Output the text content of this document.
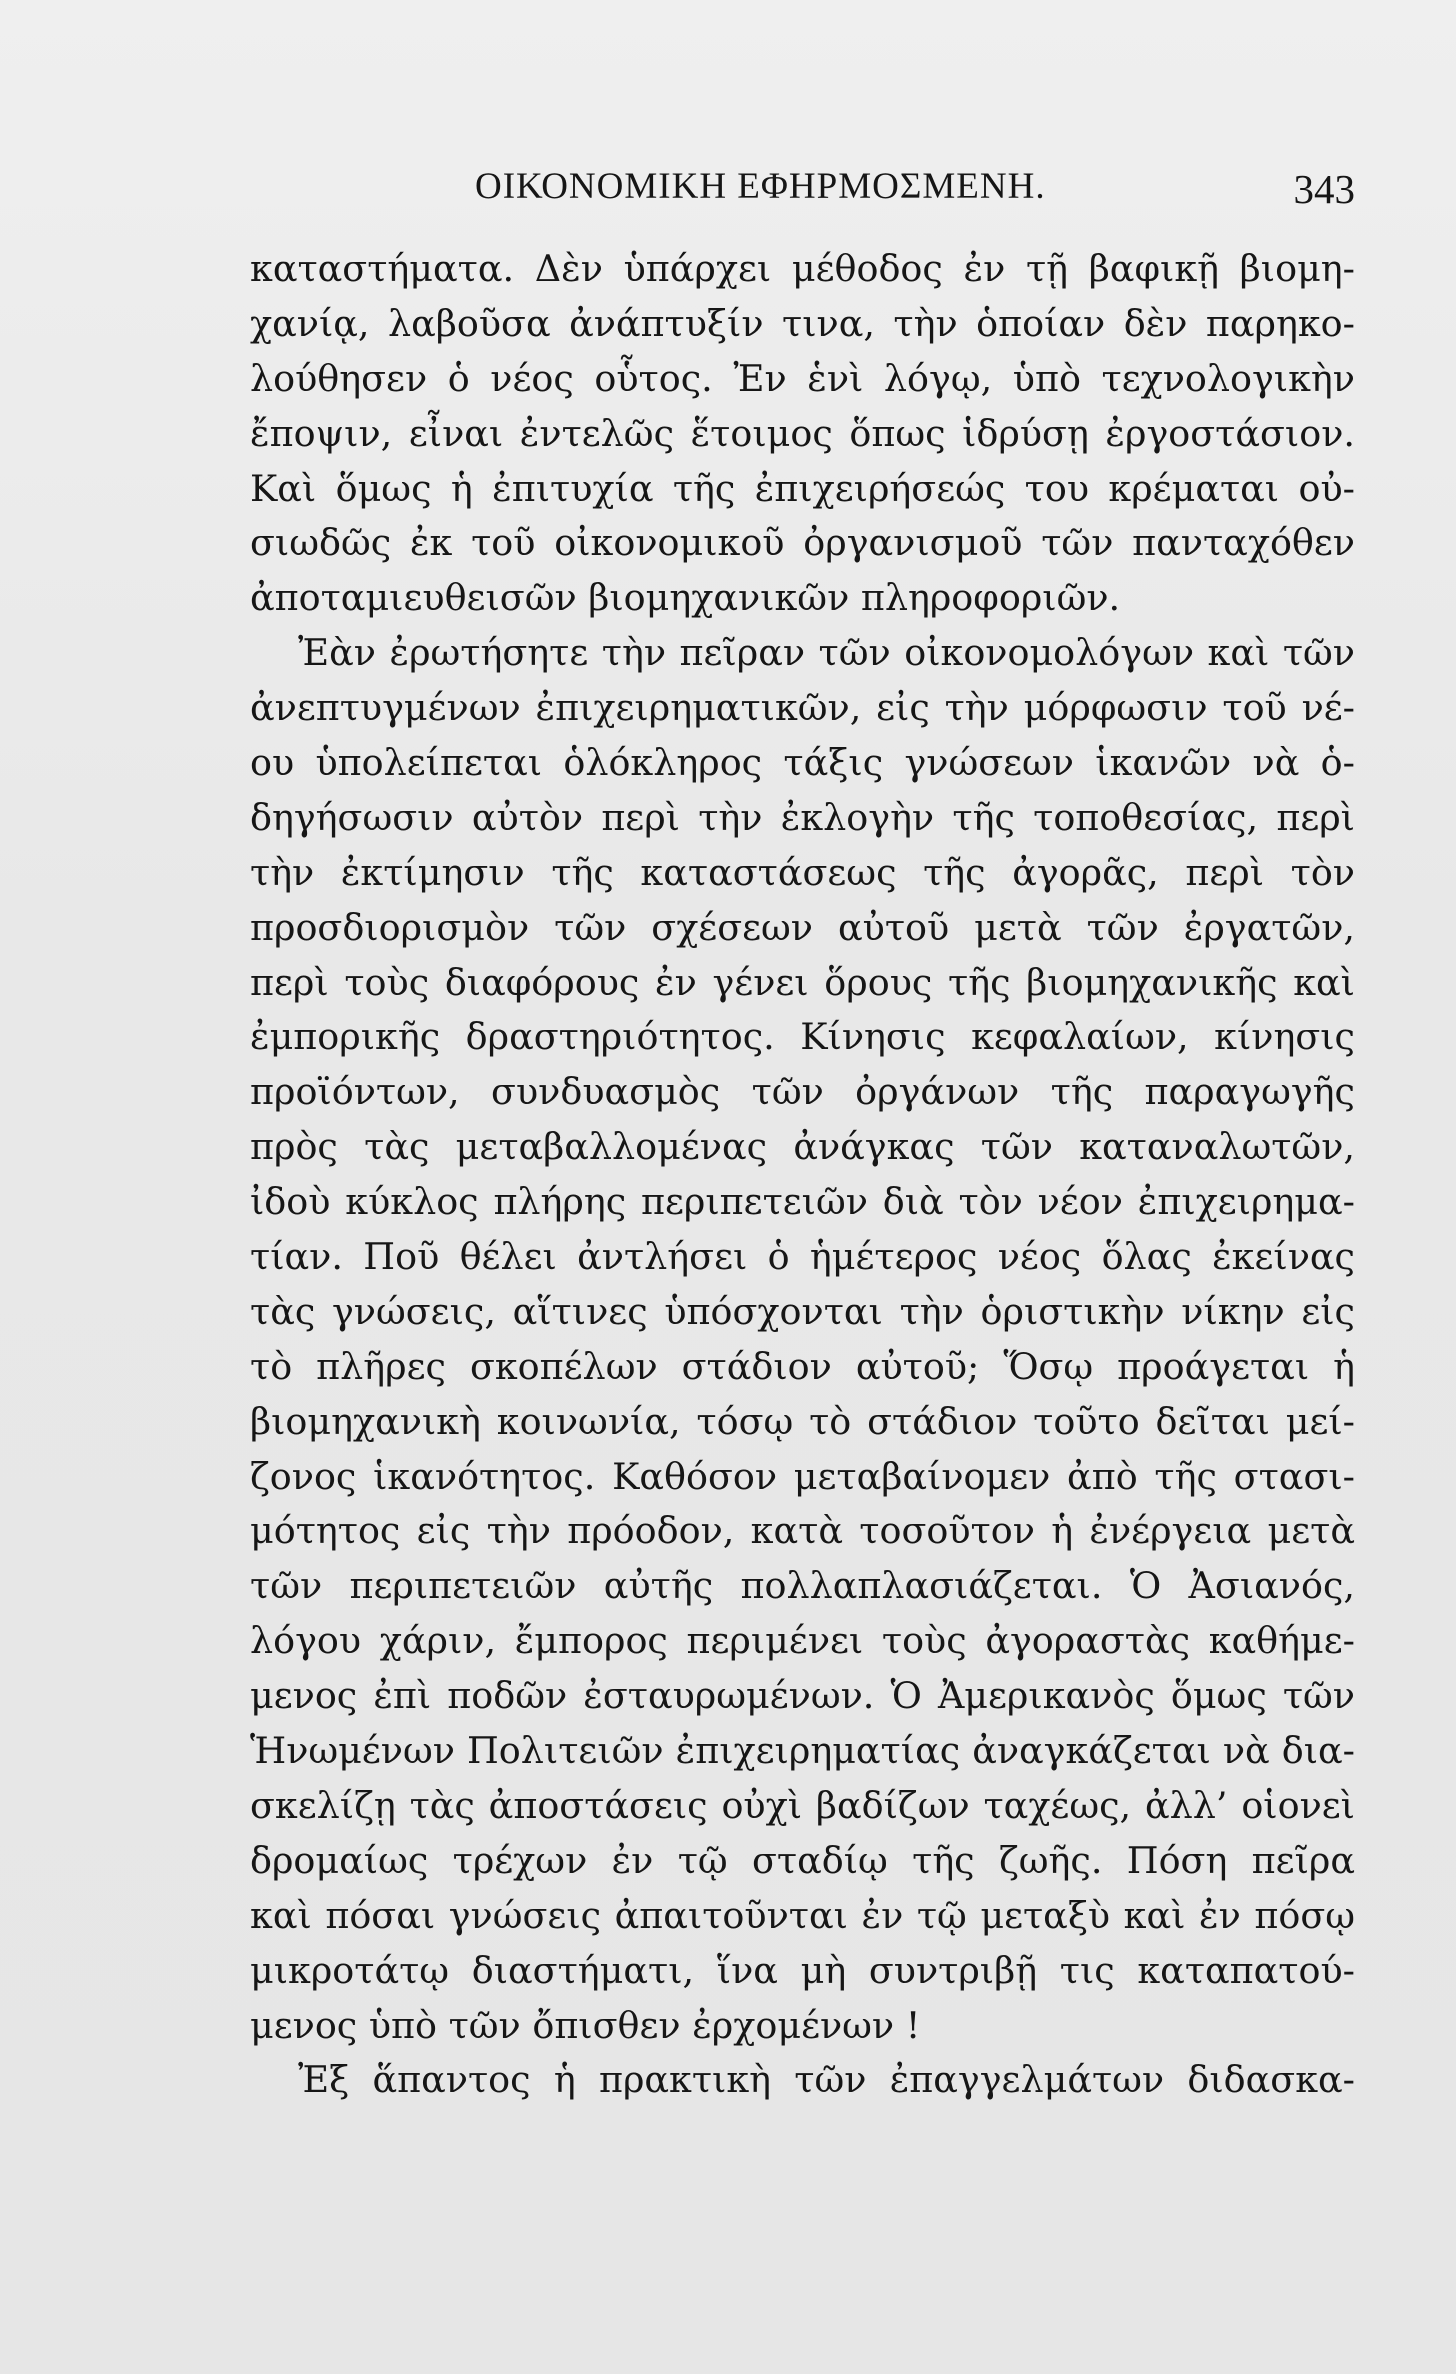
ΟΙΚΟΝΟΜΙΚΗ ΕΦΗΡΜΟΣΜΕΝΗ.	343
καταστήματα. Δὲν ὑπάρχει μέθοδος ἐν τῇ βαφικῇ βιομη-
χανίᾳ, λαβοῦσα ἀνάπτυξίν τινα, τὴν ὁποίαν δὲν παρηκο-
λούθησεν ὁ νέος οὗτος. Ἐν ἑνὶ λόγῳ, ὑπὸ τεχνολογικὴν
ἔποψιν, εἶναι ἐντελῶς ἕτοιμος ὅπως ἱδρύσῃ ἐργοστάσιον.
Καὶ ὅμως ἡ ἐπιτυχία τῆς ἐπιχειρήσεώς του κρέμαται οὐ-
σιωδῶς ἐκ τοῦ οἰκονομικοῦ ὀργανισμοῦ τῶν πανταχόθεν
ἀποταμιευθεισῶν βιομηχανικῶν πληροφοριῶν.
Ἐὰν ἐρωτήσητε τὴν πεῖραν τῶν οἰκονομολόγων καὶ τῶν
ἀνεπτυγμένων ἐπιχειρηματικῶν, εἰς τὴν μόρφωσιν τοῦ νέ-
ου ὑπολείπεται ὁλόκληρος τάξις γνώσεων ἱκανῶν νὰ ὁ-
δηγήσωσιν αὐτὸν περὶ τὴν ἐκλογὴν τῆς τοποθεσίας, περὶ
τὴν ἐκτίμησιν τῆς καταστάσεως τῆς ἀγορᾶς, περὶ τὸν
προσδιορισμὸν τῶν σχέσεων αὐτοῦ μετὰ τῶν ἐργατῶν,
περὶ τοὺς διαφόρους ἐν γένει ὅρους τῆς βιομηχανικῆς καὶ
ἐμπορικῆς δραστηριότητος. Κίνησις κεφαλαίων, κίνησις
προϊόντων, συνδυασμὸς τῶν ὀργάνων τῆς παραγωγῆς
πρὸς τὰς μεταβαλλομένας ἀνάγκας τῶν καταναλωτῶν,
ἰδοὺ κύκλος πλήρης περιπετειῶν διὰ τὸν νέον ἐπιχειρημα-
τίαν. Ποῦ θέλει ἀντλήσει ὁ ἡμέτερος νέος ὅλας ἐκείνας
τὰς γνώσεις, αἵτινες ὑπόσχονται τὴν ὁριστικὴν νίκην εἰς
τὸ πλῆρες σκοπέλων στάδιον αὐτοῦ; Ὅσῳ προάγεται ἡ
βιομηχανικὴ κοινωνία, τόσῳ τὸ στάδιον τοῦτο δεῖται μεί-
ζονος ἱκανότητος. Καθόσον μεταβαίνομεν ἀπὸ τῆς στασι-
μότητος εἰς τὴν πρόοδον, κατὰ τοσοῦτον ἡ ἐνέργεια μετὰ
τῶν περιπετειῶν αὐτῆς πολλαπλασιάζεται. Ὁ Ἀσιανός,
λόγου χάριν, ἔμπορος περιμένει τοὺς ἀγοραστὰς καθήμε-
μενος ἐπὶ ποδῶν ἐσταυρωμένων. Ὁ Ἀμερικανὸς ὅμως τῶν
Ἡνωμένων Πολιτειῶν ἐπιχειρηματίας ἀναγκάζεται νὰ δια-
σκελίζῃ τὰς ἀποστάσεις οὐχὶ βαδίζων ταχέως, ἀλλ’ οἱονεὶ
δρομαίως τρέχων ἐν τῷ σταδίῳ τῆς ζωῆς. Πόση πεῖρα
καὶ πόσαι γνώσεις ἀπαιτοῦνται ἐν τῷ μεταξὺ καὶ ἐν πόσῳ
μικροτάτῳ διαστήματι, ἵνα μὴ συντριβῇ τις καταπατού-
μενος ὑπὸ τῶν ὄπισθεν ἐρχομένων !
Ἐξ ἅπαντος ἡ πρακτικὴ τῶν ἐπαγγελμάτων διδασκα-
